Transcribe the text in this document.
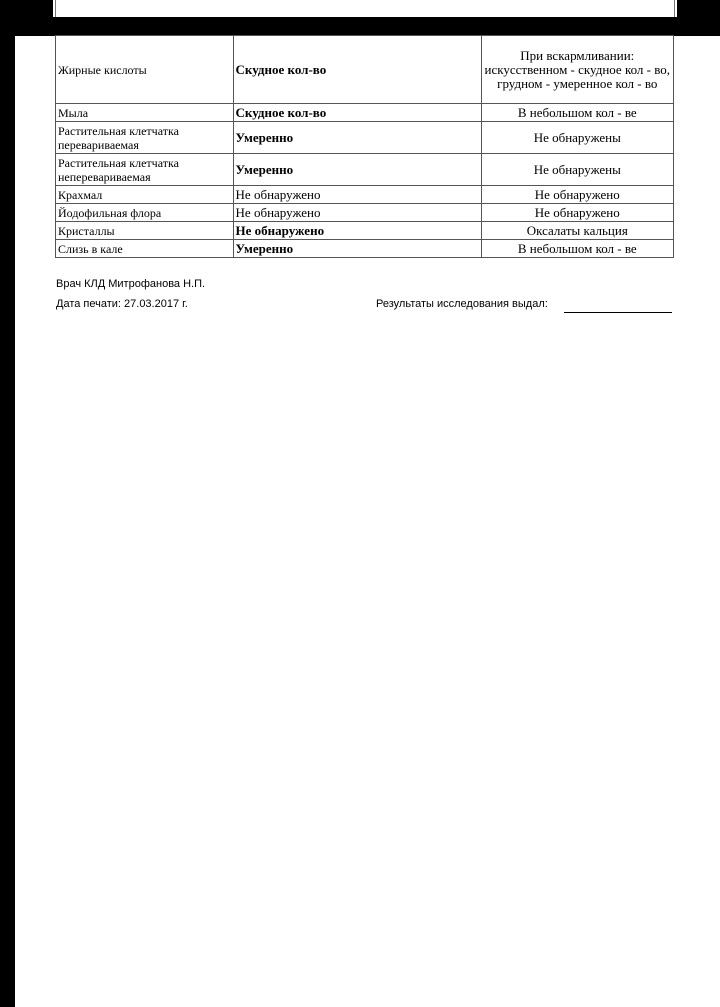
Жирные кислоты	Скудное кол-во	При вскармливании: искусственном - скудное кол - во, грудном - умеренное кол - во
Мыла	Скудное кол-во	В небольшом кол - ве
Растительная клетчатка перевариваемая	Умеренно	Не обнаружены
Растительная клетчатка неперевариваемая	Умеренно	Не обнаружены
Крахмал	Не обнаружено	Не обнаружено
Йодофильная флора	Не обнаружено	Не обнаружено
Кристаллы	Не обнаружено	Оксалаты кальция
Слизь в кале	Умеренно	В небольшом кол - ве
Врач КЛД Митрофанова Н.П.
Дата печати: 27.03.2017 г.	Результаты исследования выдал:
